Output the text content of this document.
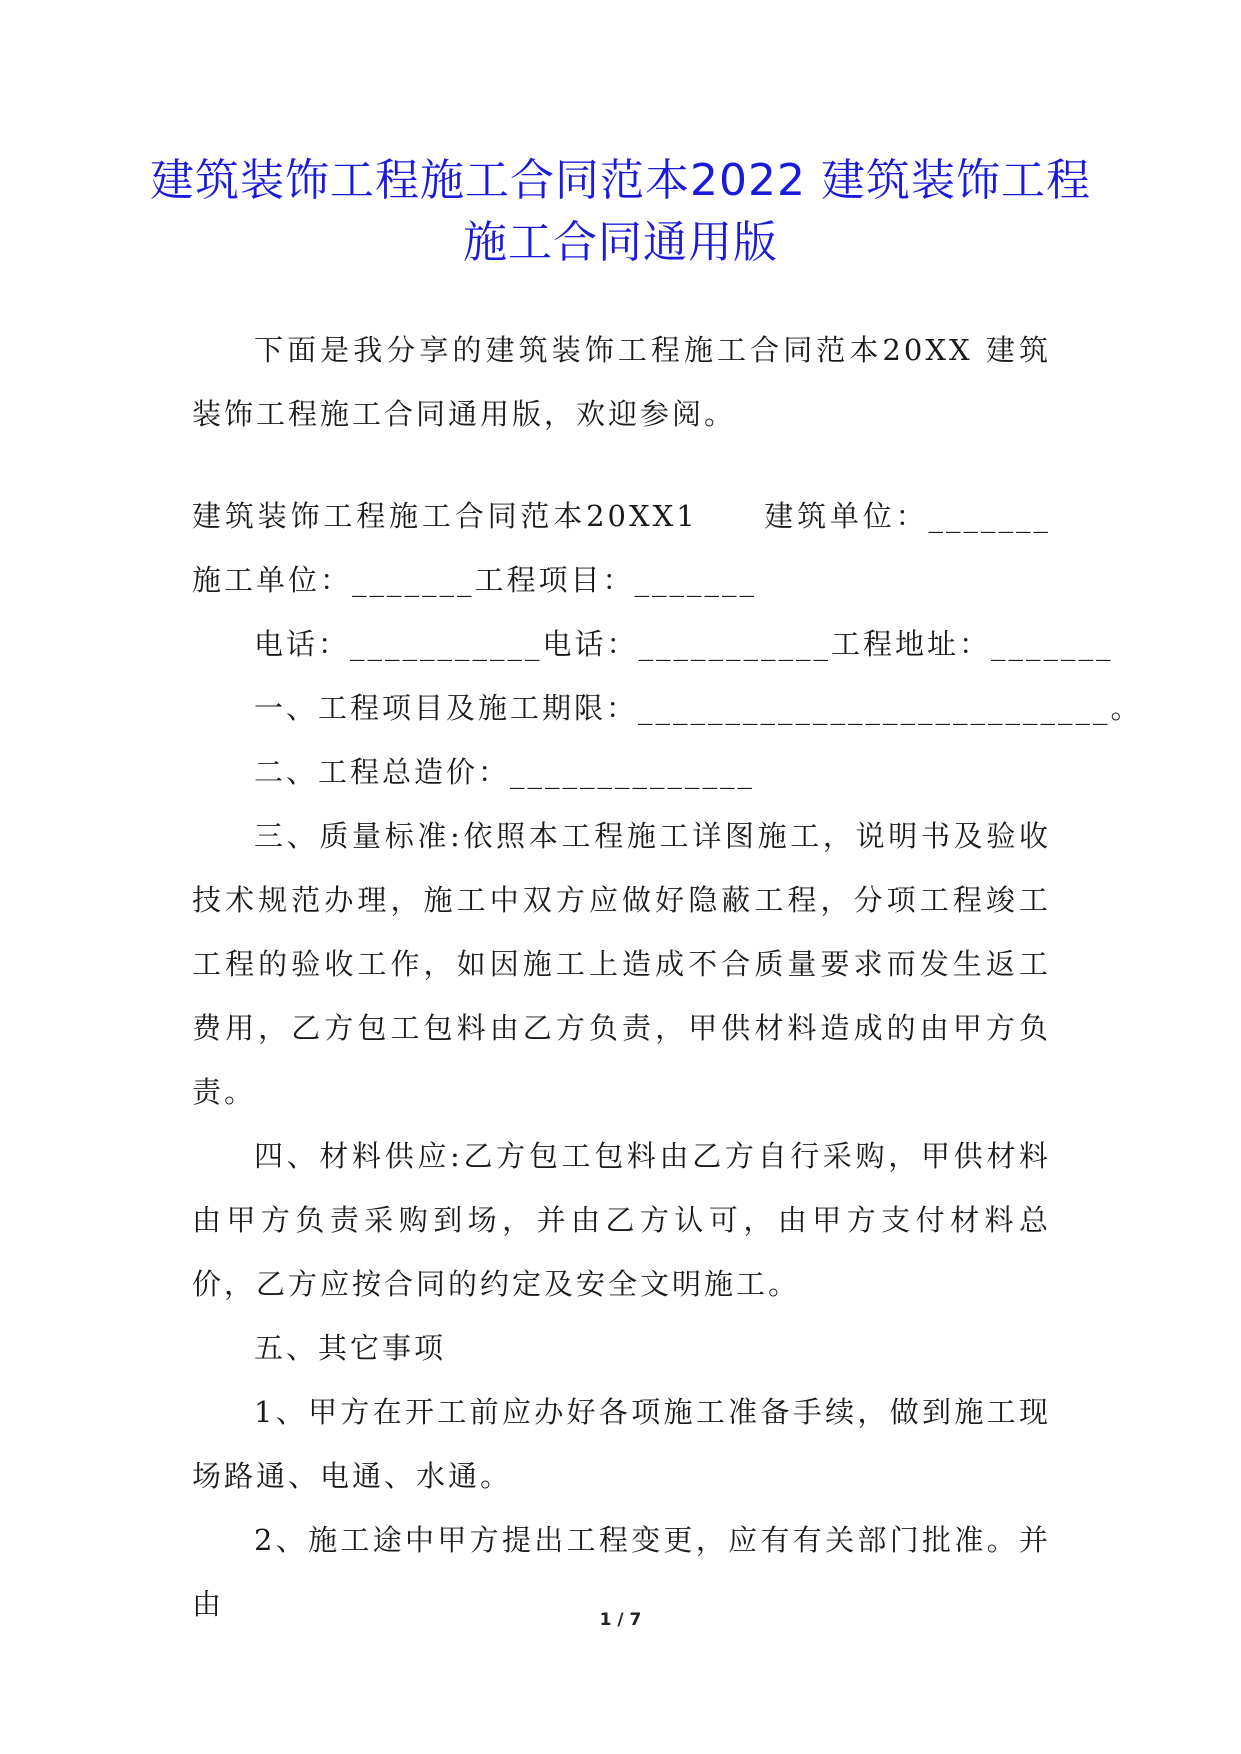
建筑装饰工程施工合同范本2022 建筑装饰工程施工合同通用版

下面是我分享的建筑装饰工程施工合同范本20XX 建筑装饰工程施工合同通用版，欢迎参阅。

建筑装饰工程施工合同范本20XX1　　建筑单位：_______施工单位：_______工程项目：_______

电话：___________电话：___________工程地址：_______

一、工程项目及施工期限：___________________________。

二、工程总造价：______________

三、质量标准:依照本工程施工详图施工，说明书及验收技术规范办理，施工中双方应做好隐蔽工程，分项工程竣工工程的验收工作，如因施工上造成不合质量要求而发生返工费用，乙方包工包料由乙方负责，甲供材料造成的由甲方负责。

四、材料供应:乙方包工包料由乙方自行采购，甲供材料由甲方负责采购到场，并由乙方认可，由甲方支付材料总价，乙方应按合同的约定及安全文明施工。

五、其它事项

1、甲方在开工前应办好各项施工准备手续，做到施工现场路通、电通、水通。

2、施工途中甲方提出工程变更，应有有关部门批准。并由	1 / 7
